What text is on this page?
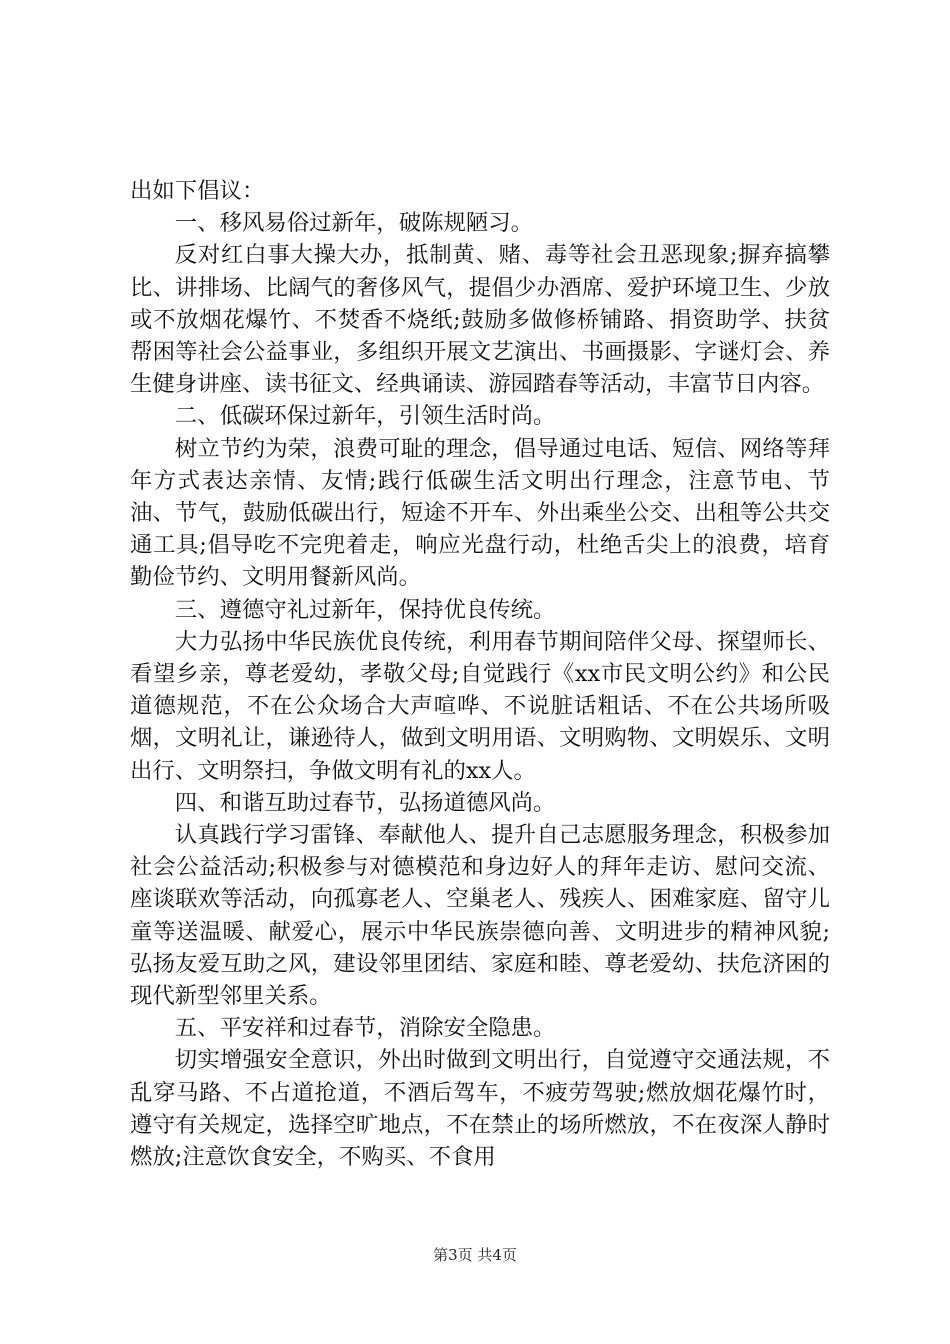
出如下倡议：

一、移风易俗过新年，破陈规陋习。

反对红白事大操大办，抵制黄、赌、毒等社会丑恶现象;摒弃搞攀比、讲排场、比阔气的奢侈风气，提倡少办酒席、爱护环境卫生、少放或不放烟花爆竹、不焚香不烧纸;鼓励多做修桥铺路、捐资助学、扶贫帮困等社会公益事业，多组织开展文艺演出、书画摄影、字谜灯会、养生健身讲座、读书征文、经典诵读、游园踏春等活动，丰富节日内容。

二、低碳环保过新年，引领生活时尚。

树立节约为荣，浪费可耻的理念，倡导通过电话、短信、网络等拜年方式表达亲情、友情;践行低碳生活文明出行理念，注意节电、节油、节气，鼓励低碳出行，短途不开车、外出乘坐公交、出租等公共交通工具;倡导吃不完兜着走，响应光盘行动，杜绝舌尖上的浪费，培育勤俭节约、文明用餐新风尚。

三、遵德守礼过新年，保持优良传统。

大力弘扬中华民族优良传统，利用春节期间陪伴父母、探望师长、看望乡亲，尊老爱幼，孝敬父母;自觉践行《xx市民文明公约》和公民道德规范，不在公众场合大声喧哗、不说脏话粗话、不在公共场所吸烟，文明礼让，谦逊待人，做到文明用语、文明购物、文明娱乐、文明出行、文明祭扫，争做文明有礼的xx人。

四、和谐互助过春节，弘扬道德风尚。

认真践行学习雷锋、奉献他人、提升自己志愿服务理念，积极参加社会公益活动;积极参与对德模范和身边好人的拜年走访、慰问交流、座谈联欢等活动，向孤寡老人、空巢老人、残疾人、困难家庭、留守儿童等送温暖、献爱心，展示中华民族崇德向善、文明进步的精神风貌;弘扬友爱互助之风，建设邻里团结、家庭和睦、尊老爱幼、扶危济困的现代新型邻里关系。

五、平安祥和过春节，消除安全隐患。

切实增强安全意识，外出时做到文明出行，自觉遵守交通法规，不乱穿马路、不占道抢道，不酒后驾车，不疲劳驾驶;燃放烟花爆竹时，遵守有关规定，选择空旷地点，不在禁止的场所燃放，不在夜深人静时燃放;注意饮食安全，不购买、不食用

第3页 共4页
